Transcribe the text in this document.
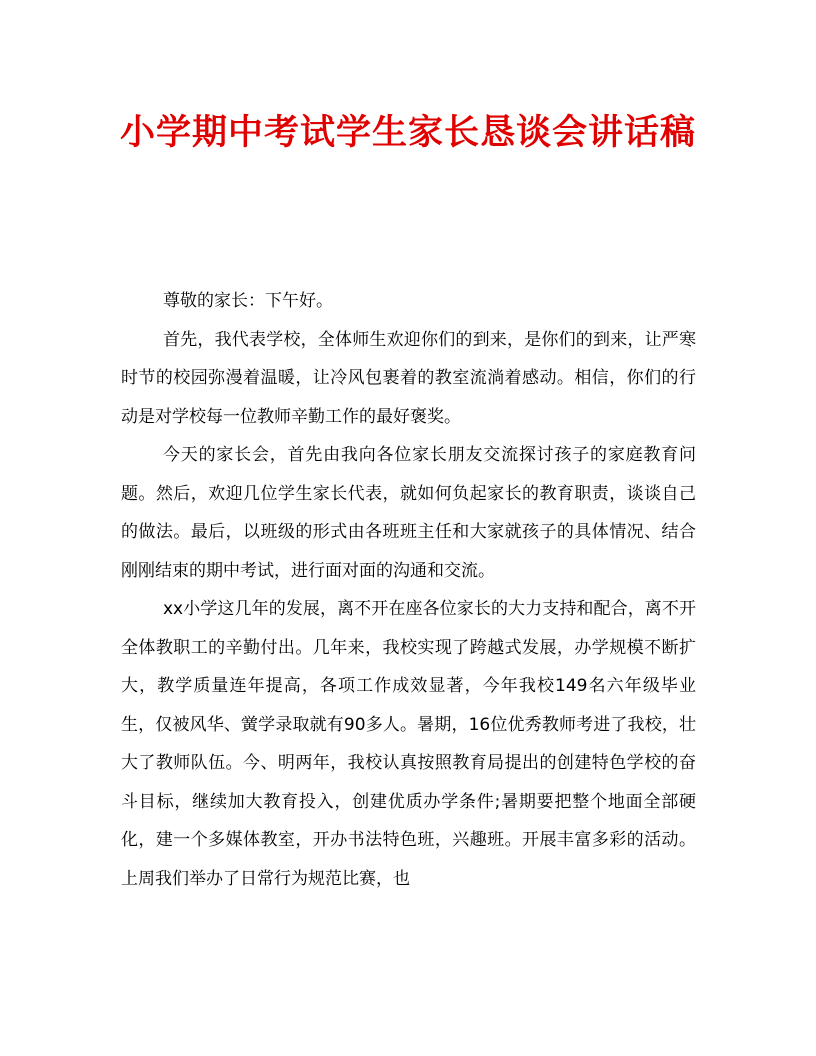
小学期中考试学生家长恳谈会讲话稿

尊敬的家长：下午好。

首先，我代表学校，全体师生欢迎你们的到来，是你们的到来，让严寒时节的校园弥漫着温暖，让冷风包裹着的教室流淌着感动。相信，你们的行动是对学校每一位教师辛勤工作的最好褒奖。

今天的家长会，首先由我向各位家长朋友交流探讨孩子的家庭教育问题。然后，欢迎几位学生家长代表，就如何负起家长的教育职责，谈谈自己的做法。最后，以班级的形式由各班班主任和大家就孩子的具体情况、结合刚刚结束的期中考试，进行面对面的沟通和交流。

xx小学这几年的发展，离不开在座各位家长的大力支持和配合，离不开全体教职工的辛勤付出。几年来，我校实现了跨越式发展，办学规模不断扩大，教学质量连年提高，各项工作成效显著，今年我校149名六年级毕业生，仅被风华、黉学录取就有90多人。暑期，16位优秀教师考进了我校，壮大了教师队伍。今、明两年，我校认真按照教育局提出的创建特色学校的奋斗目标，继续加大教育投入，创建优质办学条件;暑期要把整个地面全部硬化，建一个多媒体教室，开办书法特色班，兴趣班。开展丰富多彩的活动。上周我们举办了日常行为规范比赛，也
